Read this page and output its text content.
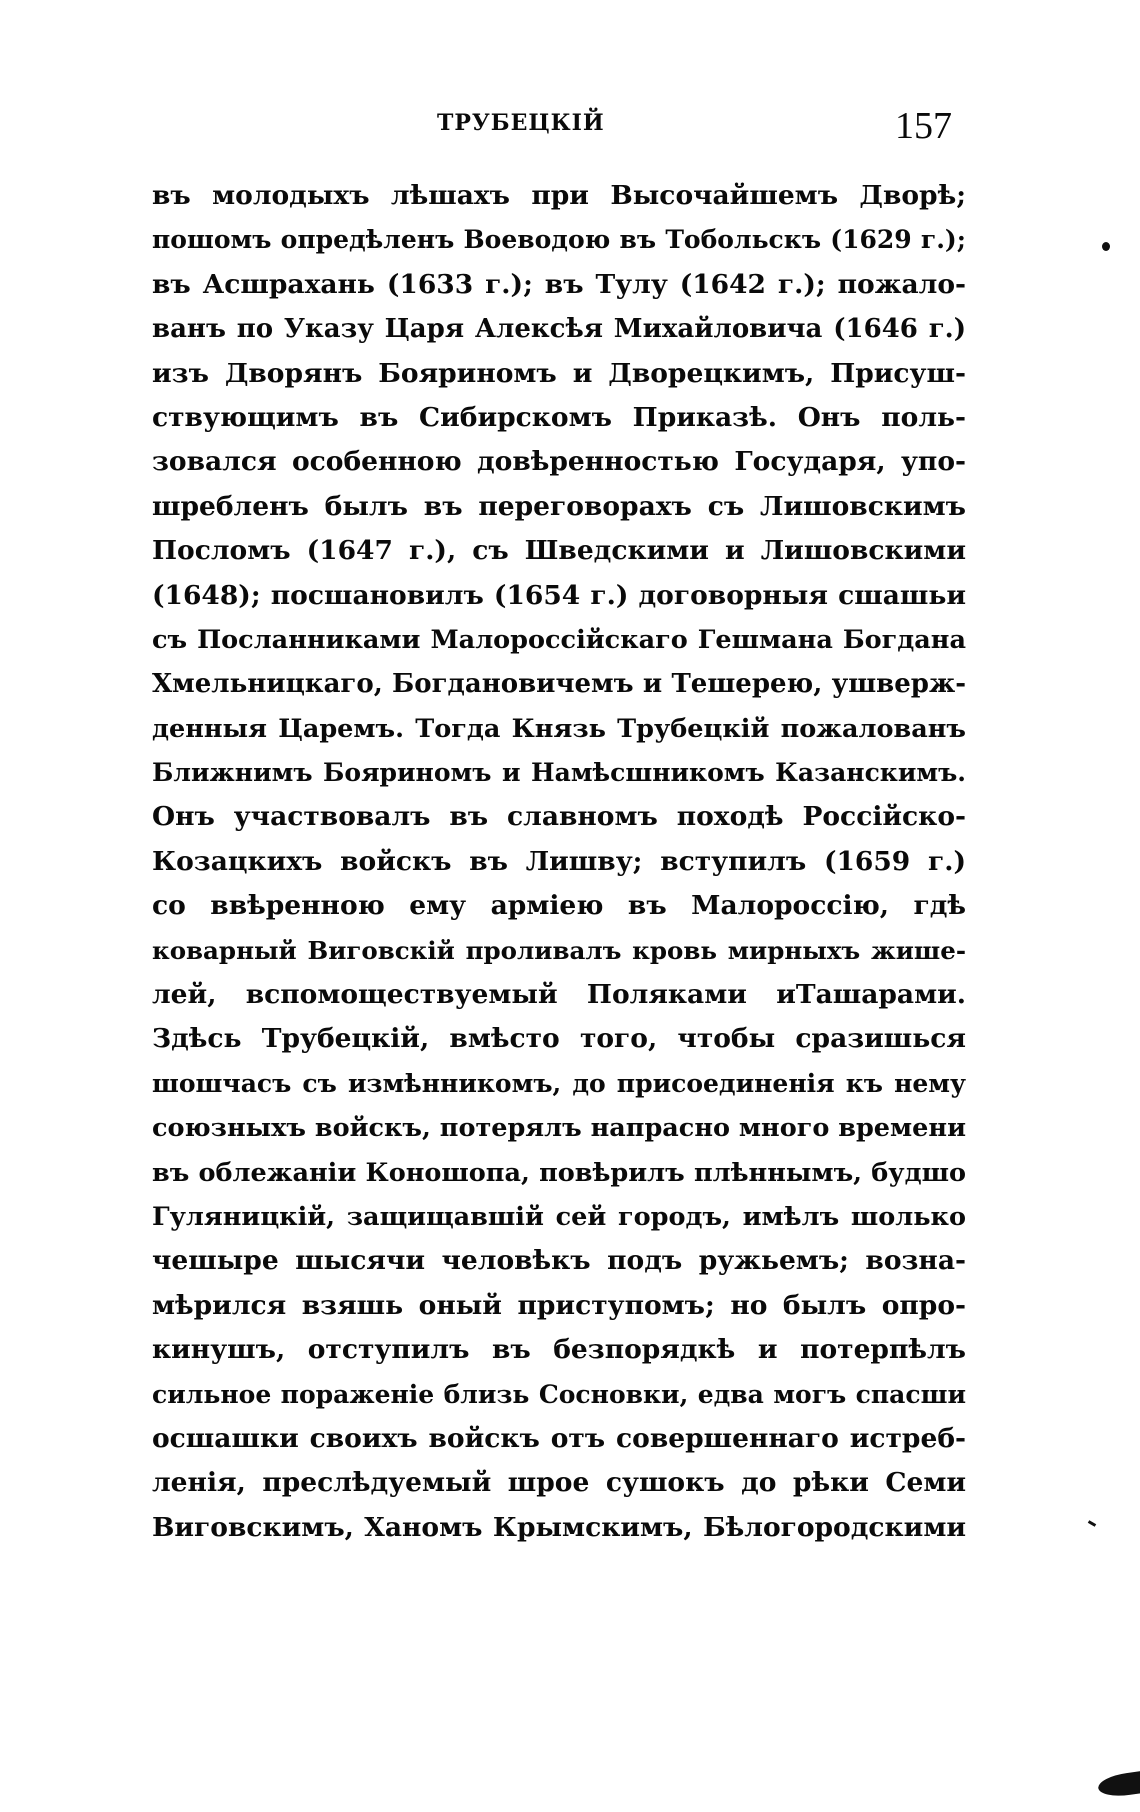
ТРУБЕЦКІЙ	157
въ молодыхъ лѣшахъ при Высочайшемъ Дворѣ;
пошомъ опредѣленъ Воеводою въ Тобольскъ (1629 г.);
въ Асшрахань (1633 г.); въ Тулу (1642 г.); пожало-
ванъ по Указу Царя Алексѣя Михайловича (1646 г.)
изъ Дворянъ Бояриномъ и Дворецкимъ, Присуш-
ствующимъ въ Сибирскомъ Приказѣ. Онъ поль-
зовался особенною довѣренностью Государя, упо-
шребленъ былъ въ переговорахъ съ Лишовскимъ
Посломъ (1647 г.), съ Шведскими и Лишовскими
(1648); посшановилъ (1654 г.) договорныя сшашьи
съ Посланниками Малороссійскаго Гешмана Богдана
Хмельницкаго, Богдановичемъ и Тешерею, ушверж-
денныя Царемъ. Тогда Князь Трубецкій пожалованъ
Ближнимъ Бояриномъ и Намѣсшникомъ Казанскимъ.
Онъ участвовалъ въ славномъ походѣ Россійско-
Козацкихъ войскъ въ Лишву; вступилъ (1659 г.)
со ввѣренною ему арміею въ Малороссію, гдѣ
коварный Виговскій проливалъ кровь мирныхъ жише-
лей, вспомоществуемый Поляками иТашарами.
Здѣсь Трубецкій, вмѣсто того, чтобы сразишься
шошчасъ съ измѣнникомъ, до присоединенія къ нему
союзныхъ войскъ, потерялъ напрасно много времени
въ облежаніи Коношопа, повѣрилъ плѣннымъ, будшо
Гуляницкій, защищавшій сей городъ, имѣлъ шолько
чешыре шысячи человѣкъ подъ ружьемъ; возна-
мѣрился взяшь оный приступомъ; но былъ опро-
кинушъ, отступилъ въ безпорядкѣ и потерпѣлъ
сильное пораженіе близь Сосновки, едва могъ спасши
осшашки своихъ войскъ отъ совершеннаго истреб-
ленія, преслѣдуемый шрое сушокъ до рѣки Семи
Виговскимъ, Ханомъ Крымскимъ, Бѣлогородскими
